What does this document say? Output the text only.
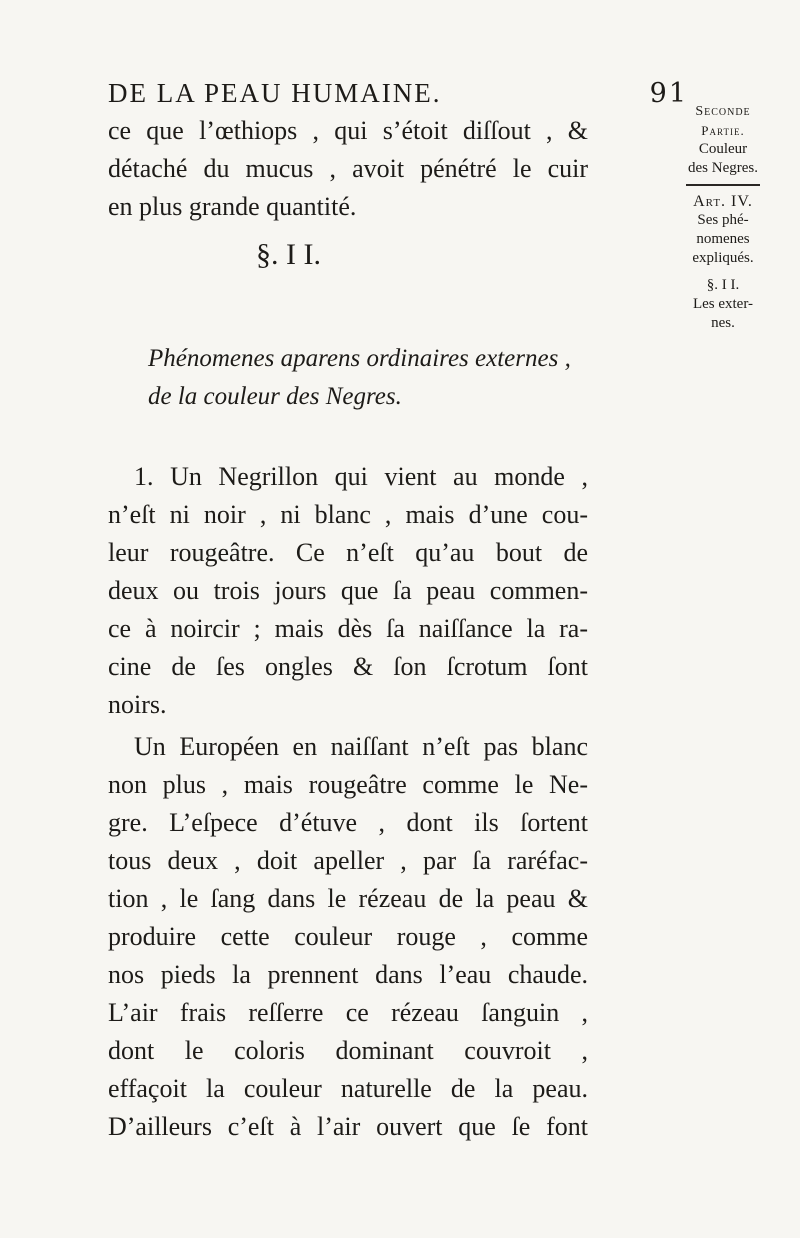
DE LA PEAU HUMAINE.	91
ce que l’œthiops , qui s’étoit diſſout , &
détaché du mucus , avoit pénétré le cuir
en plus grande quantité.
§. I I.
Phénomenes aparens ordinaires externes ,
de la couleur des Negres.
1. Un Negrillon qui vient au monde ,
n’eſt ni noir , ni blanc , mais d’une cou-
leur rougeâtre. Ce n’eſt qu’au bout de
deux ou trois jours que ſa peau commen-
ce à noircir ; mais dès ſa naiſſance la ra-
cine de ſes ongles & ſon ſcrotum ſont
noirs.
Un Européen en naiſſant n’eſt pas blanc
non plus , mais rougeâtre comme le Ne-
gre. L’eſpece d’étuve , dont ils ſortent
tous deux , doit apeller , par ſa raréfac-
tion , le ſang dans le rézeau de la peau &
produire cette couleur rouge , comme
nos pieds la prennent dans l’eau chaude.
L’air frais reſſerre ce rézeau ſanguin ,
dont le coloris dominant couvroit ,
effaçoit la couleur naturelle de la peau.
D’ailleurs c’eſt à l’air ouvert que ſe font
Seconde
Partie.
Couleur
des Negres.
Art. IV.
Ses phé-
nomenes
expliqués.
§. I I.
Les exter-
nes.
